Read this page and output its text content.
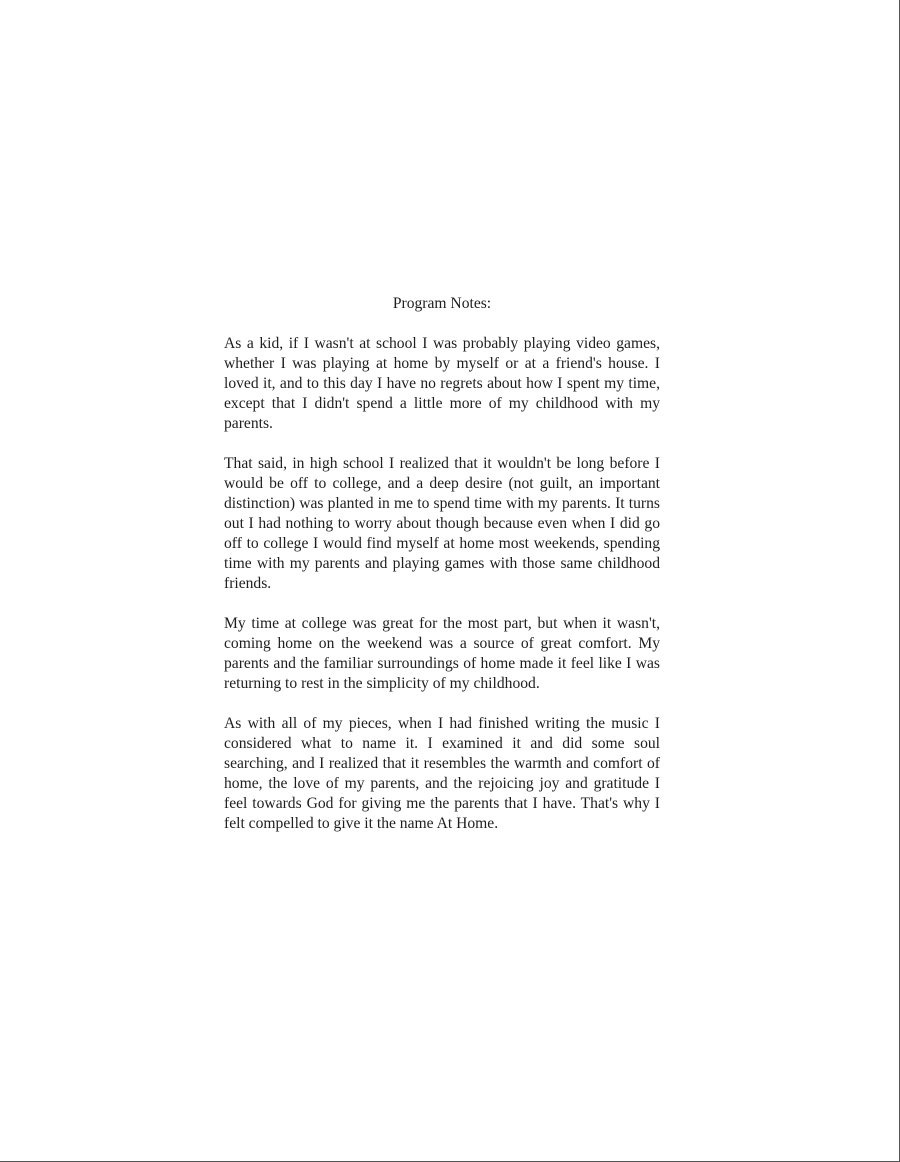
Program Notes:

As a kid, if I wasn't at school I was probably playing video games, whether I was playing at home by myself or at a friend's house. I loved it, and to this day I have no regrets about how I spent my time, except that I didn't spend a little more of my childhood with my parents.

That said, in high school I realized that it wouldn't be long before I would be off to college, and a deep desire (not guilt, an important distinction) was planted in me to spend time with my parents. It turns out I had nothing to worry about though because even when I did go off to college I would find myself at home most weekends, spending time with my parents and playing games with those same childhood friends.

My time at college was great for the most part, but when it wasn't, coming home on the weekend was a source of great comfort. My parents and the familiar surroundings of home made it feel like I was returning to rest in the simplicity of my childhood.

As with all of my pieces, when I had finished writing the music I considered what to name it. I examined it and did some soul searching, and I realized that it resembles the warmth and comfort of home, the love of my parents, and the rejoicing joy and gratitude I feel towards God for giving me the parents that I have. That's why I felt compelled to give it the name At Home.
